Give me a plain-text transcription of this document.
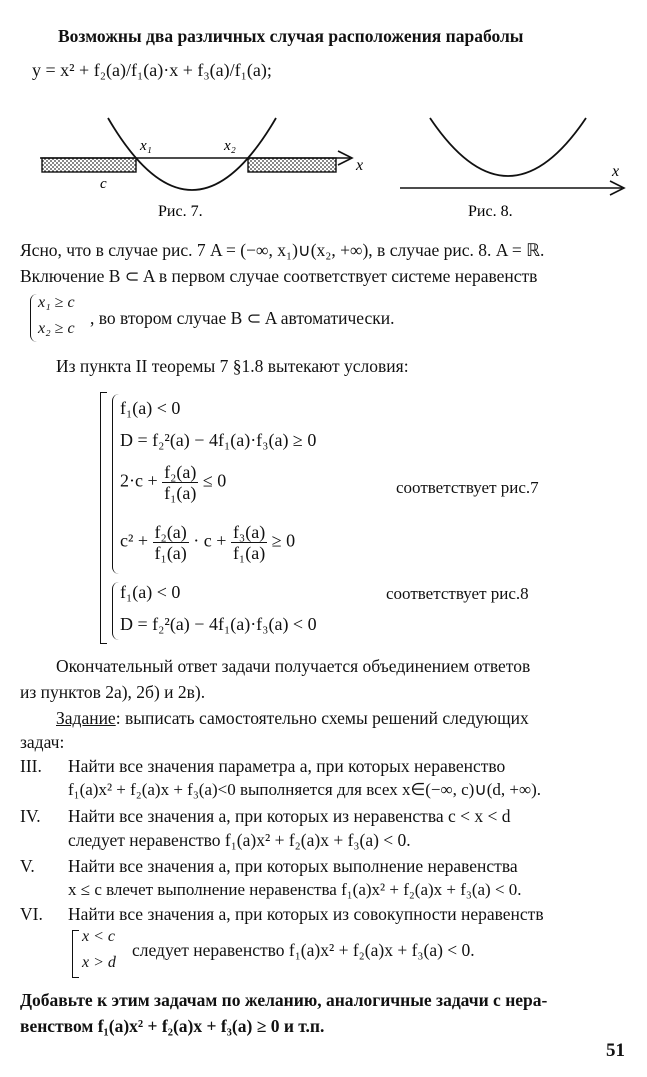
Возможны два различных случая расположения параболы
y = x² + f₂(a)/f₁(a)·x + f₃(a)/f₁(a);
x₁	x₂
c
x
Рис. 7.
x
Рис. 8.
Ясно, что в случае рис. 7 A = (−∞, x₁)∪(x₂, +∞), в случае рис. 8. A = ℝ.
Включение B ⊂ A в первом случае соответствует системе неравенств
x₁ ≥ c
x₂ ≥ c
, во втором случае B ⊂ A автоматически.
Из пункта II теоремы 7 §1.8 вытекают условия:
f₁(a) < 0
D = f₂²(a) − 4f₁(a)·f₃(a) ≥ 0
$2\cdot c + \frac{\text{f₂(a)}}{\text{f₁(a)}} \le 0$	соответствует рис.7
$c^2 + \frac{\text{f₂(a)}}{\text{f₁(a)}} \cdot c + \frac{\text{f₃(a)}}{\text{f₁(a)}} \ge 0$
f₁(a) < 0	соответствует рис.8
D = f₂²(a) − 4f₁(a)·f₃(a) < 0
Окончательный ответ задачи получается объединением ответов
из пунктов 2а), 2б) и 2в).
Задание: выписать самостоятельно схемы решений следующих
задач:
III. Найти все значения параметра a, при которых неравенство
f₁(a)x² + f₂(a)x + f₃(a)<0 выполняется для всех x∈(−∞, c)∪(d, +∞).
IV. Найти все значения a, при которых из неравенства c < x < d
следует неравенство f₁(a)x² + f₂(a)x + f₃(a) < 0.
V. Найти все значения a, при которых выполнение неравенства
x ≤ c влечет выполнение неравенства f₁(a)x² + f₂(a)x + f₃(a) < 0.
VI. Найти все значения a, при которых из совокупности неравенств
x < c
x > d
следует неравенство f₁(a)x² + f₂(a)x + f₃(a) < 0.
Добавьте к этим задачам по желанию, аналогичные задачи с нера-
венством f₁(a)x² + f₂(a)x + f₃(a) ≥ 0 и т.п.
51
